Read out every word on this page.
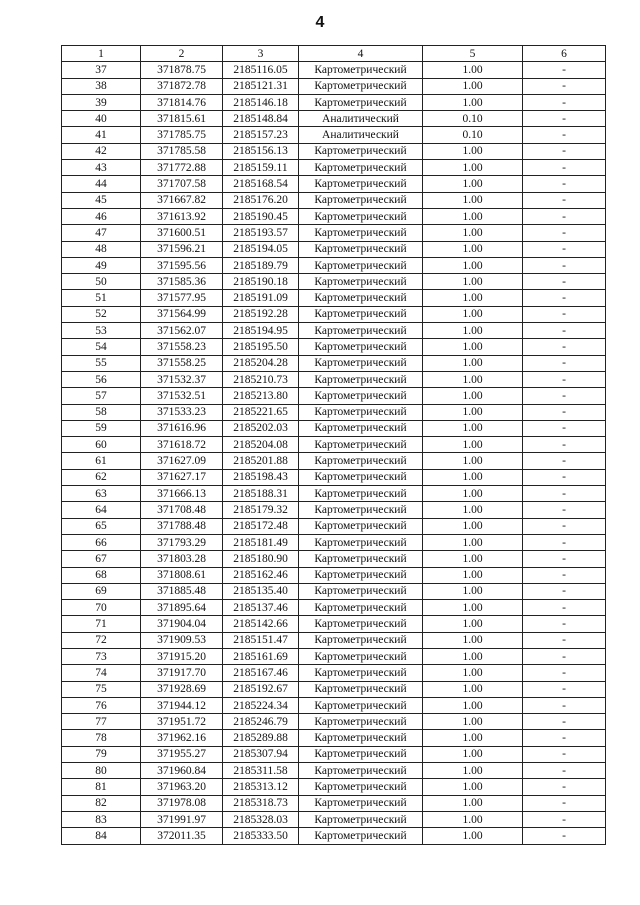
4
1	2	3	4	5	6
37	371878.75	2185116.05	Картометрический	1.00	-
38	371872.78	2185121.31	Картометрический	1.00	-
39	371814.76	2185146.18	Картометрический	1.00	-
40	371815.61	2185148.84	Аналитический	0.10	-
41	371785.75	2185157.23	Аналитический	0.10	-
42	371785.58	2185156.13	Картометрический	1.00	-
43	371772.88	2185159.11	Картометрический	1.00	-
44	371707.58	2185168.54	Картометрический	1.00	-
45	371667.82	2185176.20	Картометрический	1.00	-
46	371613.92	2185190.45	Картометрический	1.00	-
47	371600.51	2185193.57	Картометрический	1.00	-
48	371596.21	2185194.05	Картометрический	1.00	-
49	371595.56	2185189.79	Картометрический	1.00	-
50	371585.36	2185190.18	Картометрический	1.00	-
51	371577.95	2185191.09	Картометрический	1.00	-
52	371564.99	2185192.28	Картометрический	1.00	-
53	371562.07	2185194.95	Картометрический	1.00	-
54	371558.23	2185195.50	Картометрический	1.00	-
55	371558.25	2185204.28	Картометрический	1.00	-
56	371532.37	2185210.73	Картометрический	1.00	-
57	371532.51	2185213.80	Картометрический	1.00	-
58	371533.23	2185221.65	Картометрический	1.00	-
59	371616.96	2185202.03	Картометрический	1.00	-
60	371618.72	2185204.08	Картометрический	1.00	-
61	371627.09	2185201.88	Картометрический	1.00	-
62	371627.17	2185198.43	Картометрический	1.00	-
63	371666.13	2185188.31	Картометрический	1.00	-
64	371708.48	2185179.32	Картометрический	1.00	-
65	371788.48	2185172.48	Картометрический	1.00	-
66	371793.29	2185181.49	Картометрический	1.00	-
67	371803.28	2185180.90	Картометрический	1.00	-
68	371808.61	2185162.46	Картометрический	1.00	-
69	371885.48	2185135.40	Картометрический	1.00	-
70	371895.64	2185137.46	Картометрический	1.00	-
71	371904.04	2185142.66	Картометрический	1.00	-
72	371909.53	2185151.47	Картометрический	1.00	-
73	371915.20	2185161.69	Картометрический	1.00	-
74	371917.70	2185167.46	Картометрический	1.00	-
75	371928.69	2185192.67	Картометрический	1.00	-
76	371944.12	2185224.34	Картометрический	1.00	-
77	371951.72	2185246.79	Картометрический	1.00	-
78	371962.16	2185289.88	Картометрический	1.00	-
79	371955.27	2185307.94	Картометрический	1.00	-
80	371960.84	2185311.58	Картометрический	1.00	-
81	371963.20	2185313.12	Картометрический	1.00	-
82	371978.08	2185318.73	Картометрический	1.00	-
83	371991.97	2185328.03	Картометрический	1.00	-
84	372011.35	2185333.50	Картометрический	1.00	-
